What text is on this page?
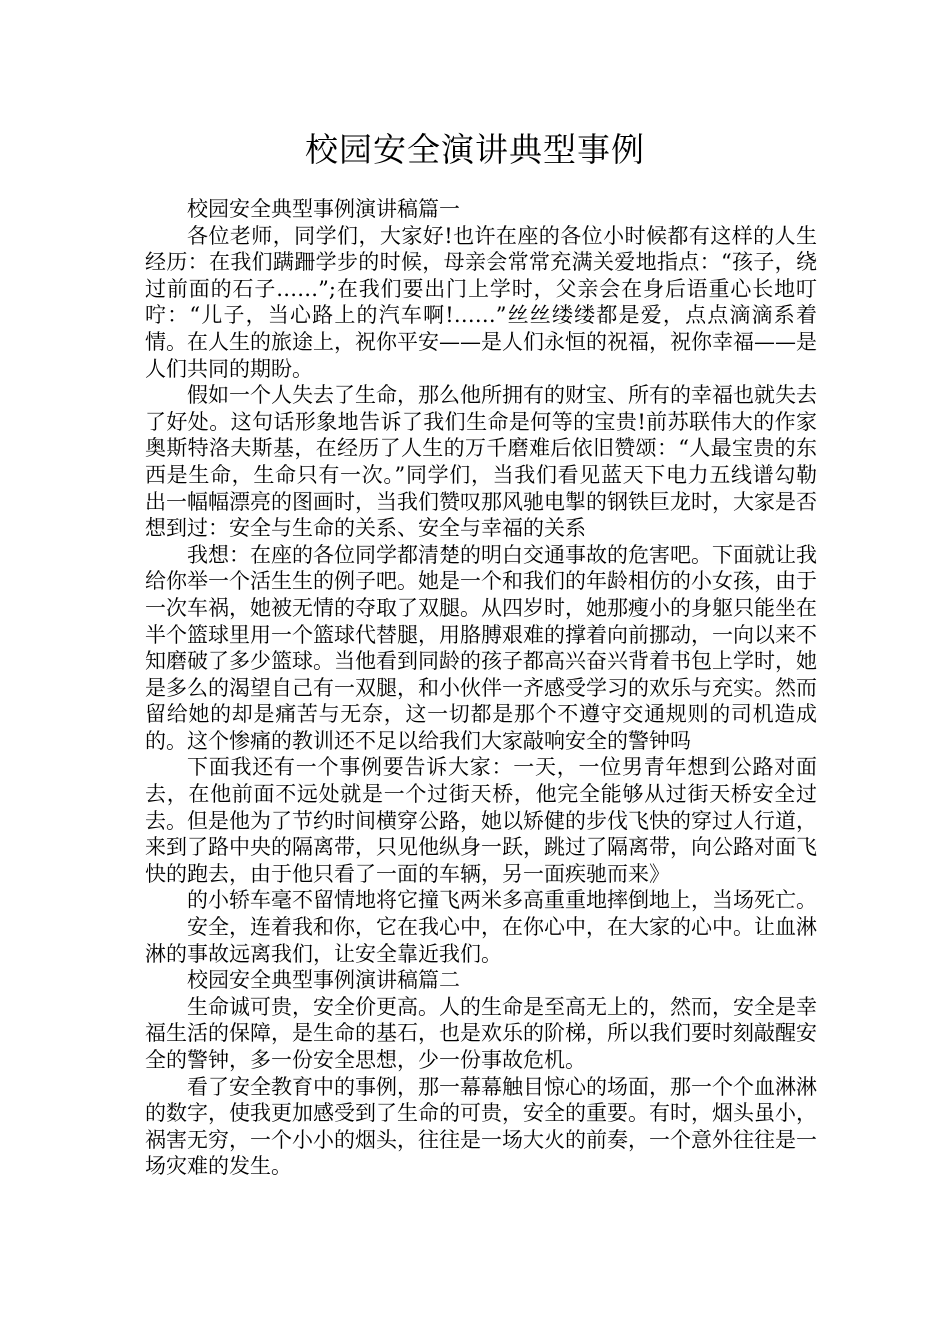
校园安全演讲典型事例

校园安全典型事例演讲稿篇一

各位老师，同学们，大家好!也许在座的各位小时候都有这样的人生经历：在我们蹒跚学步的时候，母亲会常常充满关爱地指点：“孩子，绕过前面的石子……”;在我们要出门上学时，父亲会在身后语重心长地叮咛：“儿子，当心路上的汽车啊!……”丝丝缕缕都是爱，点点滴滴系着情。在人生的旅途上，祝你平安——是人们永恒的祝福，祝你幸福——是人们共同的期盼。

假如一个人失去了生命，那么他所拥有的财宝、所有的幸福也就失去了好处。这句话形象地告诉了我们生命是何等的宝贵!前苏联伟大的作家奥斯特洛夫斯基，在经历了人生的万千磨难后依旧赞颂：“人最宝贵的东西是生命，生命只有一次。”同学们，当我们看见蓝天下电力五线谱勾勒出一幅幅漂亮的图画时，当我们赞叹那风驰电掣的钢铁巨龙时，大家是否想到过：安全与生命的关系、安全与幸福的关系

我想：在座的各位同学都清楚的明白交通事故的危害吧。下面就让我给你举一个活生生的例子吧。她是一个和我们的年龄相仿的小女孩，由于一次车祸，她被无情的夺取了双腿。从四岁时，她那瘦小的身躯只能坐在半个篮球里用一个篮球代替腿，用胳膊艰难的撑着向前挪动，一向以来不知磨破了多少篮球。当他看到同龄的孩子都高兴奋兴背着书包上学时，她是多么的渴望自己有一双腿，和小伙伴一齐感受学习的欢乐与充实。然而留给她的却是痛苦与无奈，这一切都是那个不遵守交通规则的司机造成的。这个惨痛的教训还不足以给我们大家敲响安全的警钟吗

下面我还有一个事例要告诉大家：一天，一位男青年想到公路对面去，在他前面不远处就是一个过街天桥，他完全能够从过街天桥安全过去。但是他为了节约时间横穿公路，她以矫健的步伐飞快的穿过人行道，来到了路中央的隔离带，只见他纵身一跃，跳过了隔离带，向公路对面飞快的跑去，由于他只看了一面的车辆，另一面疾驰而来》

的小轿车毫不留情地将它撞飞两米多高重重地摔倒地上，当场死亡。

安全，连着我和你，它在我心中，在你心中，在大家的心中。让血淋淋的事故远离我们，让安全靠近我们。

校园安全典型事例演讲稿篇二

生命诚可贵，安全价更高。人的生命是至高无上的，然而，安全是幸福生活的保障，是生命的基石，也是欢乐的阶梯，所以我们要时刻敲醒安全的警钟，多一份安全思想，少一份事故危机。

看了安全教育中的事例，那一幕幕触目惊心的场面，那一个个血淋淋的数字，使我更加感受到了生命的可贵，安全的重要。有时，烟头虽小，祸害无穷，一个小小的烟头，往往是一场大火的前奏，一个意外往往是一场灾难的发生。
